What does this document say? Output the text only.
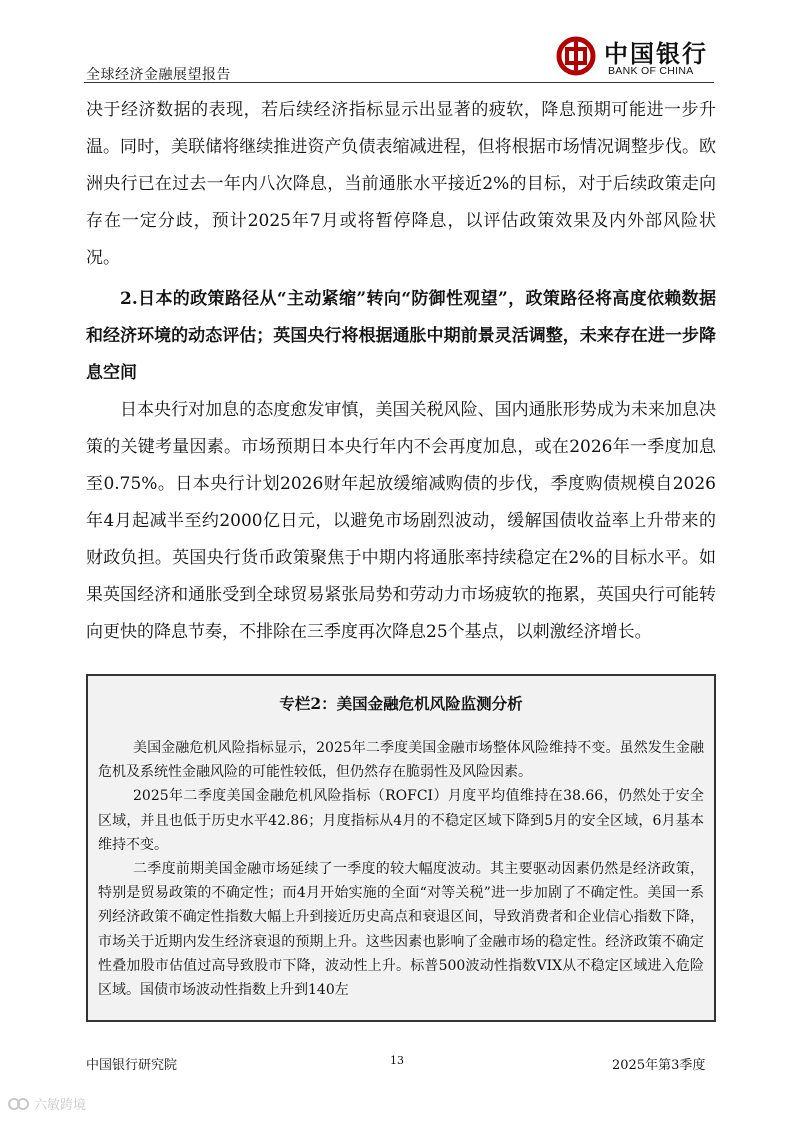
全球经济金融展望报告
中国银行
BANK OF CHINA

决于经济数据的表现，若后续经济指标显示出显著的疲软，降息预期可能进一步升温。同时，美联储将继续推进资产负债表缩减进程，但将根据市场情况调整步伐。欧洲央行已在过去一年内八次降息，当前通胀水平接近2%的目标，对于后续政策走向存在一定分歧，预计2025年7月或将暂停降息，以评估政策效果及内外部风险状况。

2.日本的政策路径从“主动紧缩”转向“防御性观望”，政策路径将高度依赖数据和经济环境的动态评估；英国央行将根据通胀中期前景灵活调整，未来存在进一步降息空间

日本央行对加息的态度愈发审慎，美国关税风险、国内通胀形势成为未来加息决策的关键考量因素。市场预期日本央行年内不会再度加息，或在2026年一季度加息至0.75%。日本央行计划2026财年起放缓缩减购债的步伐，季度购债规模自2026年4月起减半至约2000亿日元，以避免市场剧烈波动，缓解国债收益率上升带来的财政负担。英国央行货币政策聚焦于中期内将通胀率持续稳定在2%的目标水平。如果英国经济和通胀受到全球贸易紧张局势和劳动力市场疲软的拖累，英国央行可能转向更快的降息节奏，不排除在三季度再次降息25个基点，以刺激经济增长。

专栏2：美国金融危机风险监测分析

美国金融危机风险指标显示，2025年二季度美国金融市场整体风险维持不变。虽然发生金融危机及系统性金融风险的可能性较低，但仍然存在脆弱性及风险因素。

2025年二季度美国金融危机风险指标（ROFCI）月度平均值维持在38.66，仍然处于安全区域，并且也低于历史水平42.86；月度指标从4月的不稳定区域下降到5月的安全区域，6月基本维持不变。

二季度前期美国金融市场延续了一季度的较大幅度波动。其主要驱动因素仍然是经济政策，特别是贸易政策的不确定性；而4月开始实施的全面“对等关税”进一步加剧了不确定性。美国一系列经济政策不确定性指数大幅上升到接近历史高点和衰退区间，导致消费者和企业信心指数下降，市场关于近期内发生经济衰退的预期上升。这些因素也影响了金融市场的稳定性。经济政策不确定性叠加股市估值过高导致股市下降，波动性上升。标普500波动性指数VIX从不稳定区域进入危险区域。国债市场波动性指数上升到140左

中国银行研究院	13	2025年第3季度
六敏跨境
